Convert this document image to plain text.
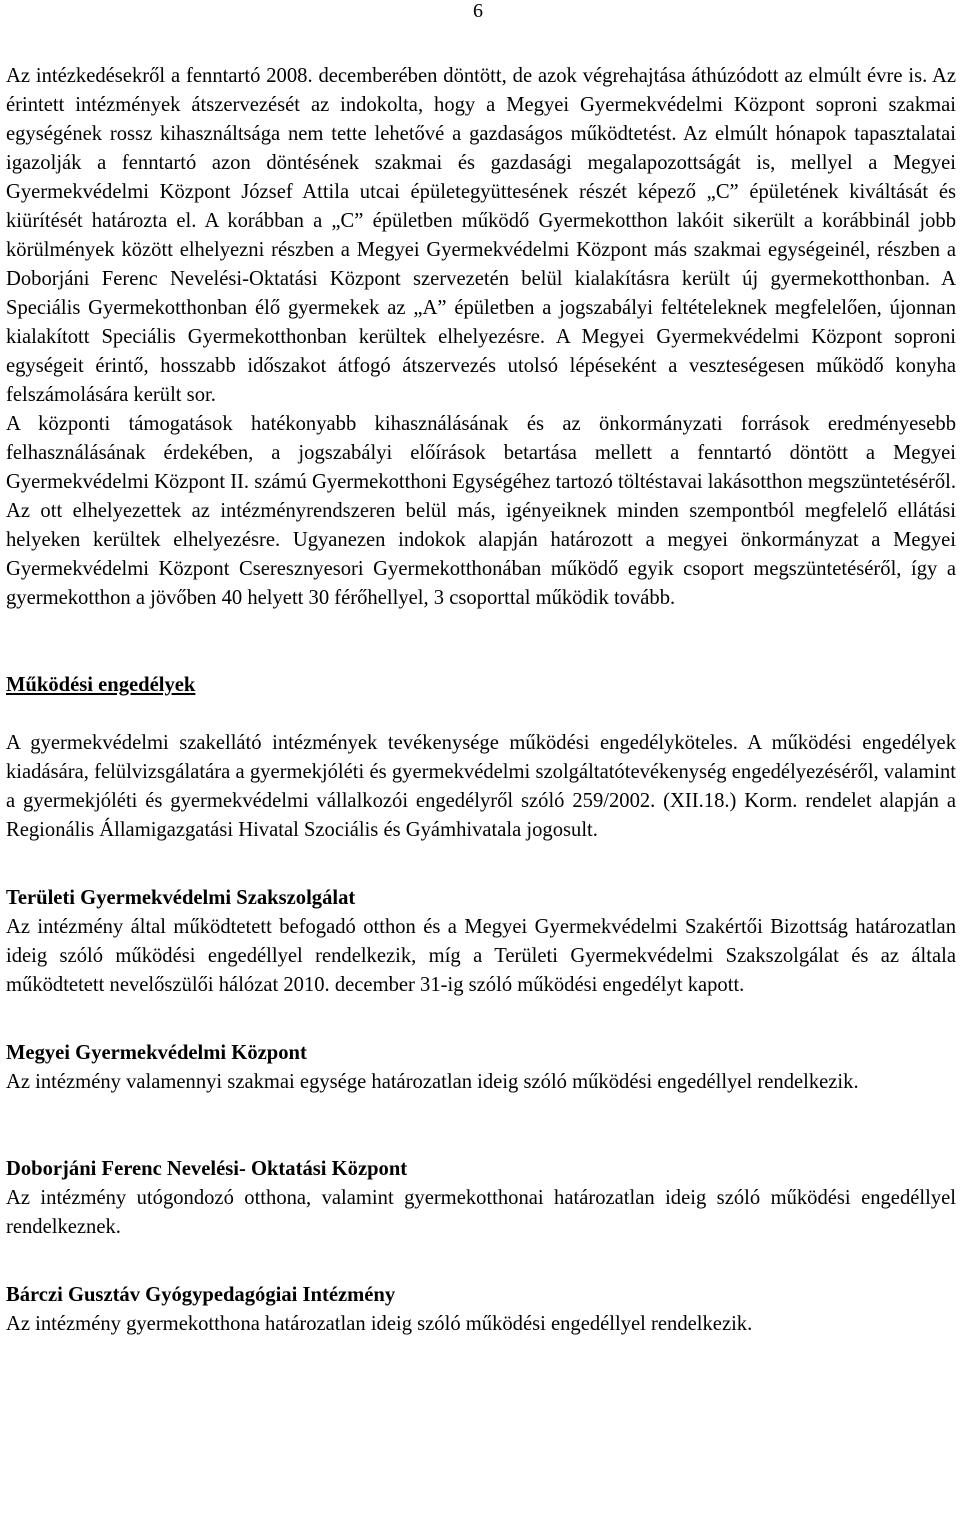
6

Az intézkedésekről a fenntartó 2008. decemberében döntött, de azok végrehajtása áthúzódott az elmúlt évre is. Az érintett intézmények átszervezését az indokolta, hogy a Megyei Gyermekvédelmi Központ soproni szakmai egységének rossz kihasználtsága nem tette lehetővé a gazdaságos működtetést. Az elmúlt hónapok tapasztalatai igazolják a fenntartó azon döntésének szakmai és gazdasági megalapozottságát is, mellyel a Megyei Gyermekvédelmi Központ József Attila utcai épületegyüttesének részét képező „C” épületének kiváltását és kiürítését határozta el. A korábban a „C” épületben működő Gyermekotthon lakóit sikerült a korábbinál jobb körülmények között elhelyezni részben a Megyei Gyermekvédelmi Központ más szakmai egységeinél, részben a Doborjáni Ferenc Nevelési-Oktatási Központ szervezetén belül kialakításra került új gyermekotthonban. A Speciális Gyermekotthonban élő gyermekek az „A” épületben a jogszabályi feltételeknek megfelelően, újonnan kialakított Speciális Gyermekotthonban kerültek elhelyezésre. A Megyei Gyermekvédelmi Központ soproni egységeit érintő, hosszabb időszakot átfogó átszervezés utolsó lépéseként a veszteségesen működő konyha felszámolására került sor.

A központi támogatások hatékonyabb kihasználásának és az önkormányzati források eredményesebb felhasználásának érdekében, a jogszabályi előírások betartása mellett a fenntartó döntött a Megyei Gyermekvédelmi Központ II. számú Gyermekotthoni Egységéhez tartozó töltéstavai lakásotthon megszüntetéséről. Az ott elhelyezettek az intézményrendszeren belül más, igényeiknek minden szempontból megfelelő ellátási helyeken kerültek elhelyezésre. Ugyanezen indokok alapján határozott a megyei önkormányzat a Megyei Gyermekvédelmi Központ Cseresznyesori Gyermekotthonában működő egyik csoport megszüntetéséről, így a gyermekotthon a jövőben 40 helyett 30 férőhellyel, 3 csoporttal működik tovább.

Működési engedélyek

A gyermekvédelmi szakellátó intézmények tevékenysége működési engedélyköteles. A működési engedélyek kiadására, felülvizsgálatára a gyermekjóléti és gyermekvédelmi szolgáltatótevékenység engedélyezéséről, valamint a gyermekjóléti és gyermekvédelmi vállalkozói engedélyről szóló 259/2002. (XII.18.) Korm. rendelet alapján a Regionális Államigazgatási Hivatal Szociális és Gyámhivatala jogosult.

Területi Gyermekvédelmi Szakszolgálat

Az intézmény által működtetett befogadó otthon és a Megyei Gyermekvédelmi Szakértői Bizottság határozatlan ideig szóló működési engedéllyel rendelkezik, míg a Területi Gyermekvédelmi Szakszolgálat és az általa működtetett nevelőszülői hálózat 2010. december 31-ig szóló működési engedélyt kapott.

Megyei Gyermekvédelmi Központ

Az intézmény valamennyi szakmai egysége határozatlan ideig szóló működési engedéllyel rendelkezik.

Doborjáni Ferenc Nevelési- Oktatási Központ

Az intézmény utógondozó otthona, valamint gyermekotthonai határozatlan ideig szóló működési engedéllyel rendelkeznek.

Bárczi Gusztáv Gyógypedagógiai Intézmény

Az intézmény gyermekotthona határozatlan ideig szóló működési engedéllyel rendelkezik.
